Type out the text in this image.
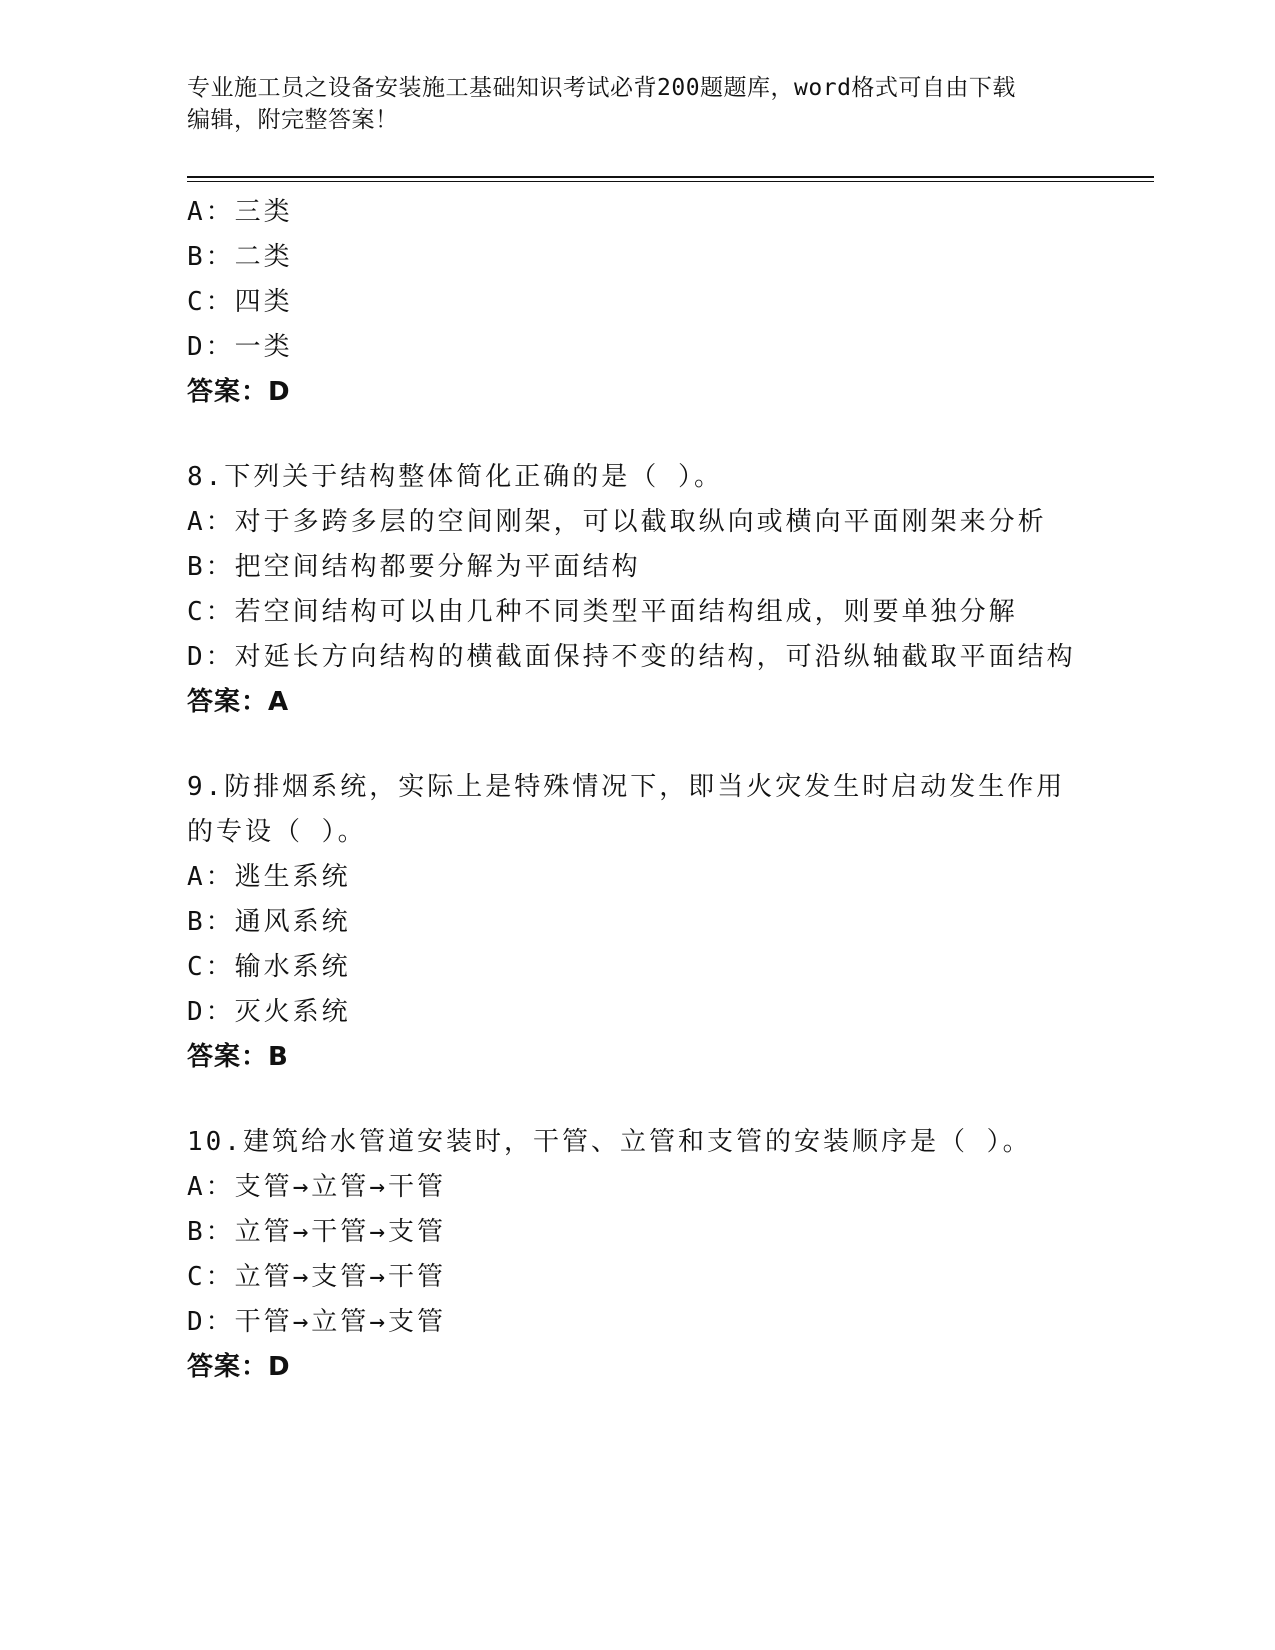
专业施工员之设备安装施工基础知识考试必背200题题库，word格式可自由下载
编辑，附完整答案！
A：三类
B：二类
C：四类
D：一类
答案：D
8.下列关于结构整体简化正确的是（ ）。
A：对于多跨多层的空间刚架，可以截取纵向或横向平面刚架来分析
B：把空间结构都要分解为平面结构
C：若空间结构可以由几种不同类型平面结构组成，则要单独分解
D：对延长方向结构的横截面保持不变的结构，可沿纵轴截取平面结构
答案：A
9.防排烟系统，实际上是特殊情况下，即当火灾发生时启动发生作用
的专设（ ）。
A：逃生系统
B：通风系统
C：输水系统
D：灭火系统
答案：B
10.建筑给水管道安装时，干管、立管和支管的安装顺序是（ ）。
A：支管→立管→干管
B：立管→干管→支管
C：立管→支管→干管
D：干管→立管→支管
答案：D
